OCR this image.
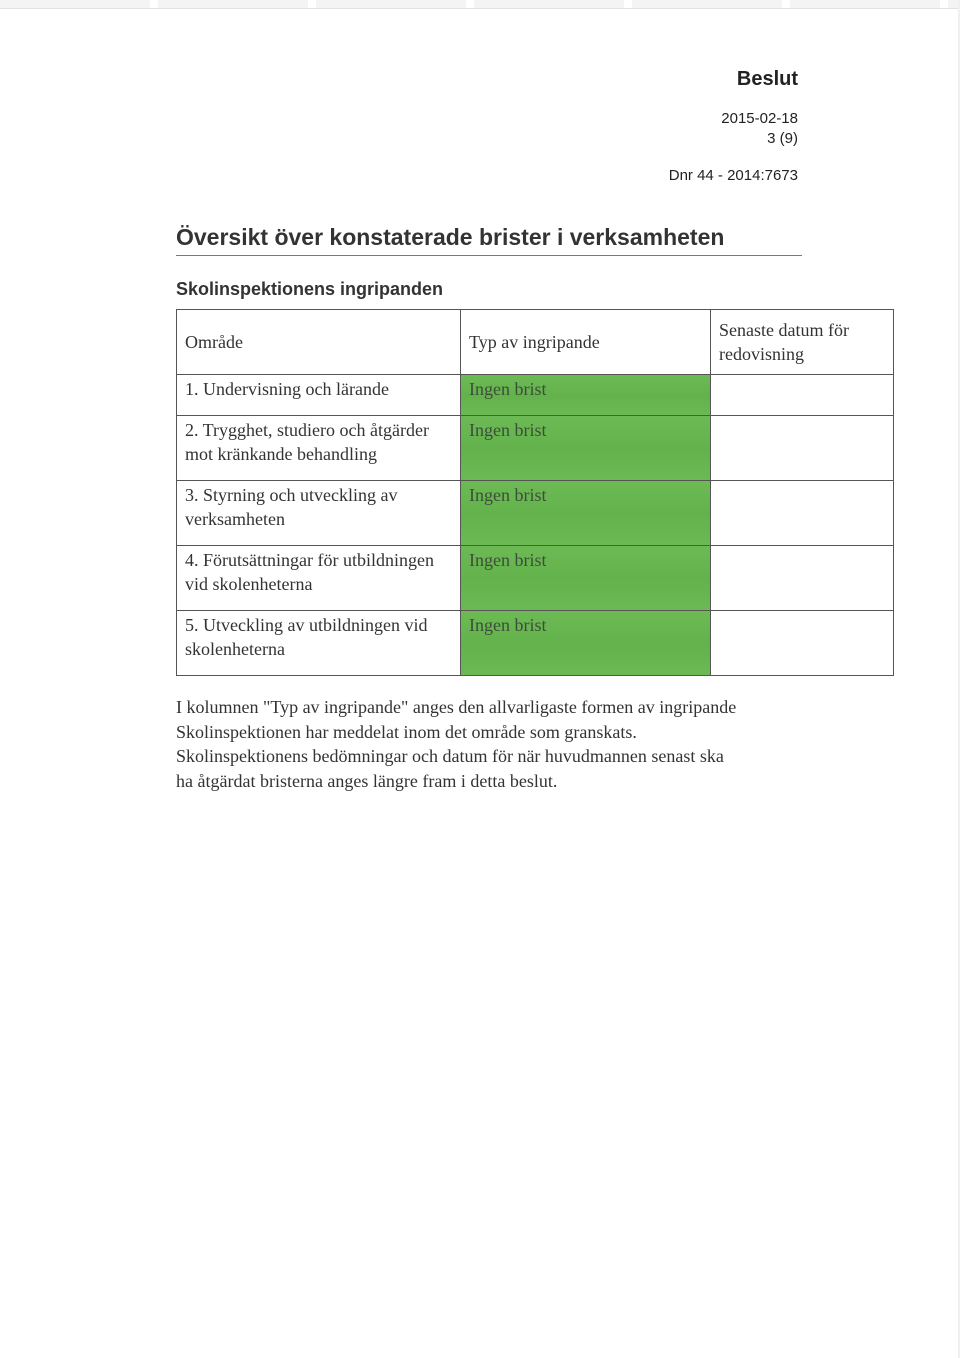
Beslut
2015-02-18
3 (9)
Dnr 44 - 2014:7673
Översikt över konstaterade brister i verksamheten
Skolinspektionens ingripanden
Område	Typ av ingripande	Senaste datum för redovisning
1. Undervisning och lärande	Ingen brist	
2. Trygghet, studiero och åtgärder mot kränkande behandling	Ingen brist	
3. Styrning och utveckling av verksamheten	Ingen brist	
4. Förutsättningar för utbildningen vid skolenheterna	Ingen brist	
5. Utveckling av utbildningen vid skolenheterna	Ingen brist	
I kolumnen "Typ av ingripande" anges den allvarligaste formen av ingripande
Skolinspektionen har meddelat inom det område som granskats.
Skolinspektionens bedömningar och datum för när huvudmannen senast ska
ha åtgärdat bristerna anges längre fram i detta beslut.
